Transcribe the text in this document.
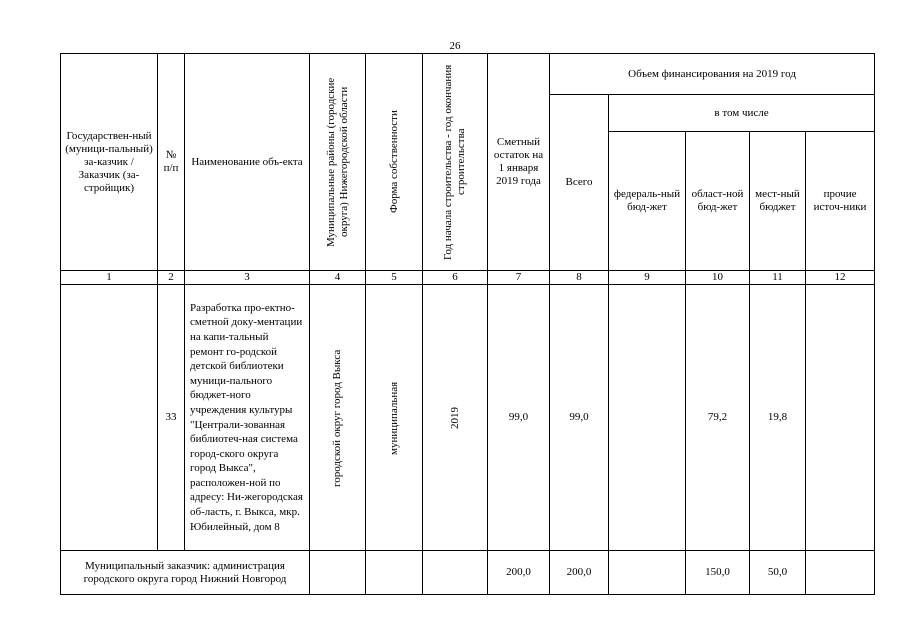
26
Государствен-ный (муници-пальный) за-казчик / Заказчик (за-стройщик)	№ п/п	Наименование объ-екта	Муниципальные районы (городские округа) Нижегородской области	Форма собственности	Год начала строительства - год окончания строительства	Сметный остаток на 1 января 2019 года	Объем финансирования на 2019 год				
							Всего	в том числе			
								федераль-ный бюд-жет	област-ной бюд-жет	мест-ный бюджет	прочие источ-ники
1	2	3	4	5	6	7	8	9	10	11	12
	33	Разработка про-ектно-сметной доку-ментации на капи-тальный ремонт го-родской детской библиотеки муници-пального бюджет-ного учреждения культуры "Централи-зованная библиотеч-ная система город-ского округа город Выкса", расположен-ной по адресу: Ни-жегородская об-ласть, г. Выкса, мкр. Юбилейный, дом 8	городской округ город Выкса	муниципальная	2019	99,0	99,0		79,2	19,8	
Муниципальный заказчик: администрация городского округа город Нижний Новгород						200,0	200,0		150,0	50,0	
